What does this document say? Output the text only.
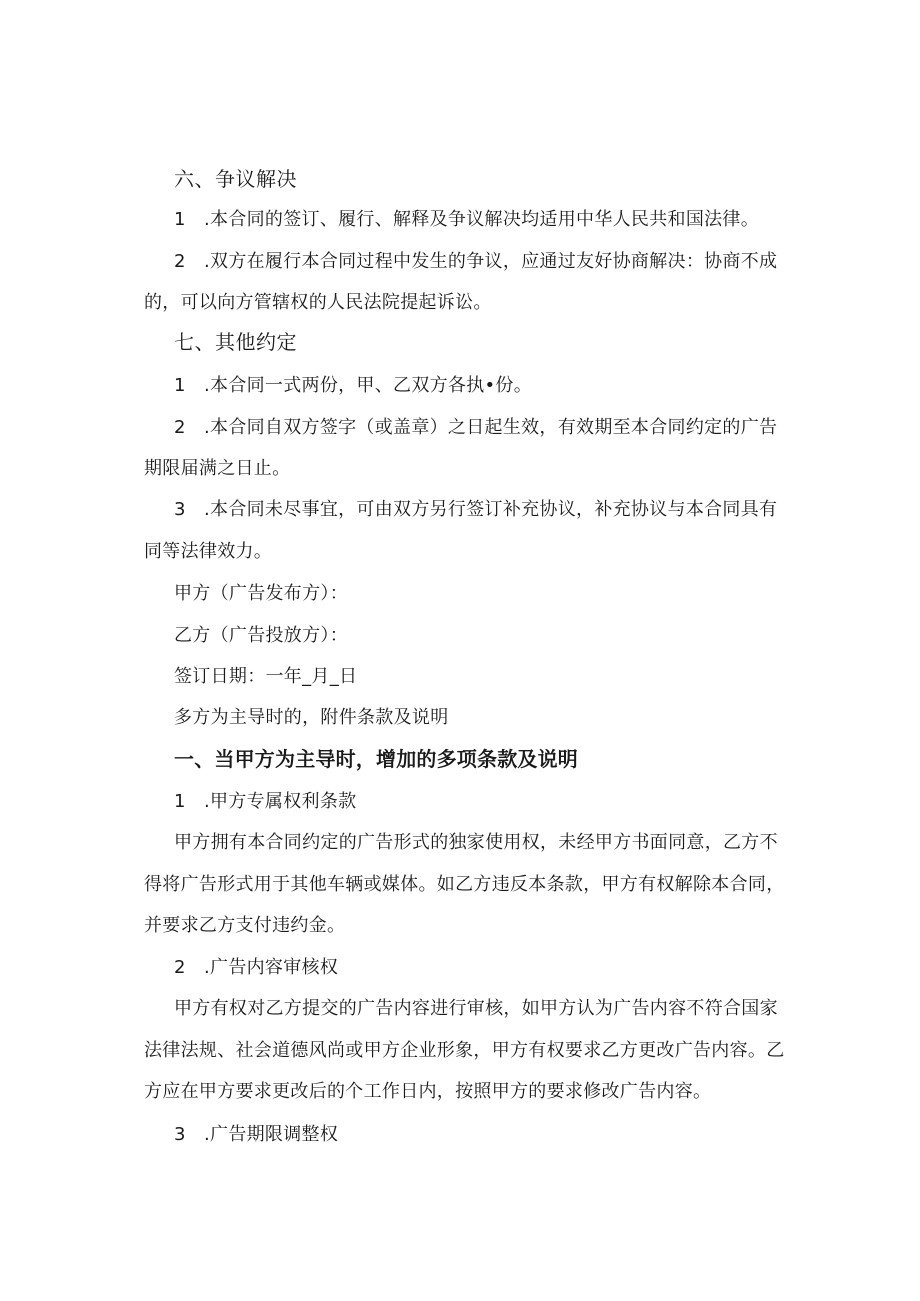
六、争议解决
1 .本合同的签订、履行、解释及争议解决均适用中华人民共和国法律。
2 .双方在履行本合同过程中发生的争议，应通过友好协商解决：协商不成
的，可以向方管辖权的人民法院提起诉讼。
七、其他约定
1 .本合同一式两份，甲、乙双方各执•份。
2 .本合同自双方签字（或盖章）之日起生效，有效期至本合同约定的广告
期限届满之日止。
3 .本合同未尽事宜，可由双方另行签订补充协议，补充协议与本合同具有
同等法律效力。
甲方（广告发布方）：
乙方（广告投放方）：
签订日期：一年_月_日
多方为主导时的，附件条款及说明
一、当甲方为主导时，增加的多项条款及说明
1 .甲方专属权利条款
甲方拥有本合同约定的广告形式的独家使用权，未经甲方书面同意，乙方不
得将广告形式用于其他车辆或媒体。如乙方违反本条款，甲方有权解除本合同，
并要求乙方支付违约金。
2 .广告内容审核权
甲方有权对乙方提交的广告内容进行审核，如甲方认为广告内容不符合国家
法律法规、社会道德风尚或甲方企业形象，甲方有权要求乙方更改广告内容。乙
方应在甲方要求更改后的个工作日内，按照甲方的要求修改广告内容。
3 .广告期限调整权
